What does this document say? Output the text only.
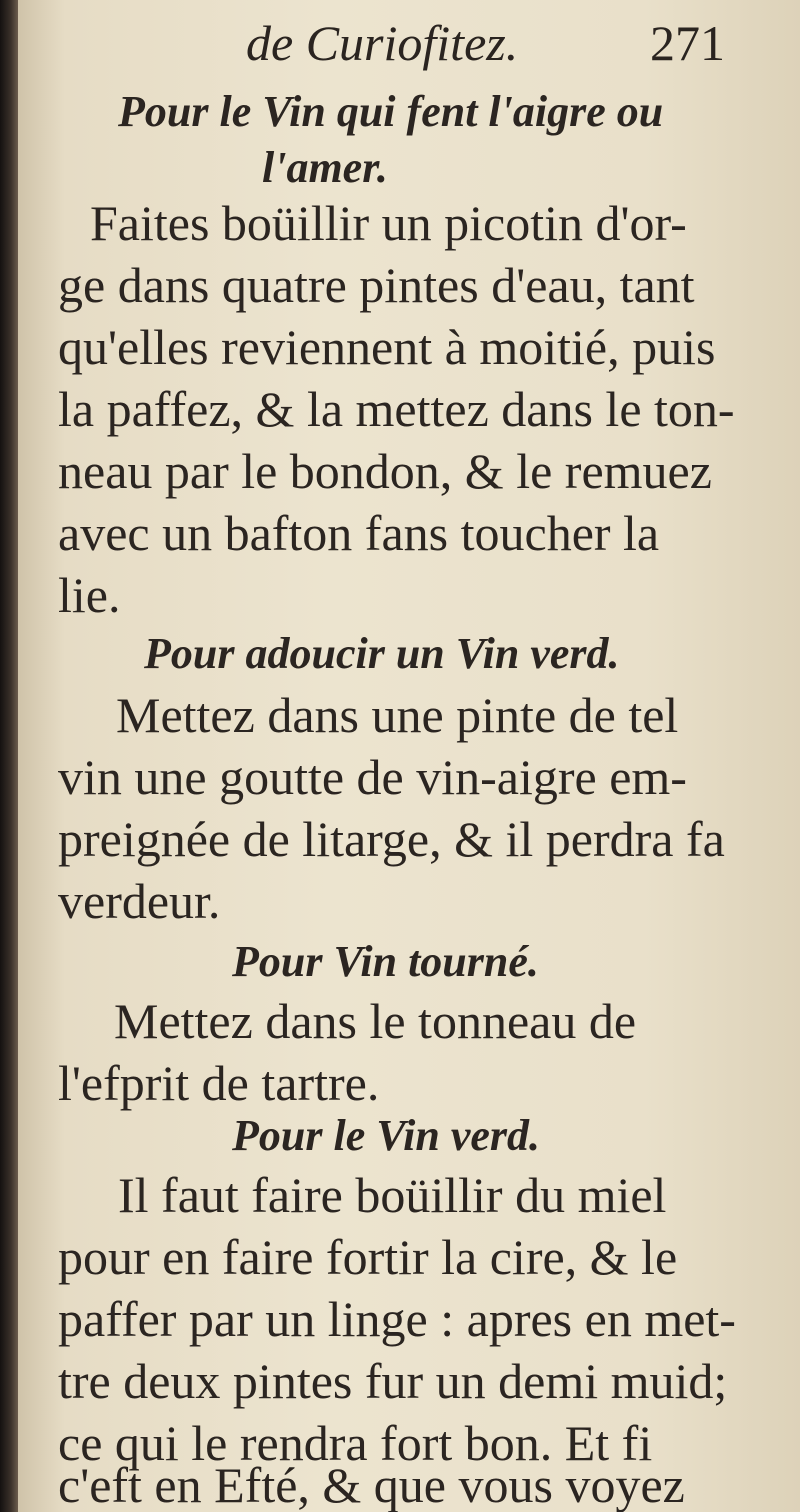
de Curiofitez.	271
Pour le Vin qui fent l'aigre ou
l'amer.
Faites boüillir un picotin d'or-
ge dans quatre pintes d'eau, tant
qu'elles reviennent à moitié, puis
la paffez, & la mettez dans le ton-
neau par le bondon, & le remuez
avec un bafton fans toucher la
lie.
Pour adoucir un Vin verd.
Mettez dans une pinte de tel
vin une goutte de vin-aigre em-
preignée de litarge, & il perdra fa
verdeur.
Pour Vin tourné.
Mettez dans le tonneau de
l'efprit de tartre.
Pour le Vin verd.
Il faut faire boüillir du miel
pour en faire fortir la cire, & le
paffer par un linge : apres en met-
tre deux pintes fur un demi muid;
ce qui le rendra fort bon. Et fi
c'eft en Efté, & que vous voyez
